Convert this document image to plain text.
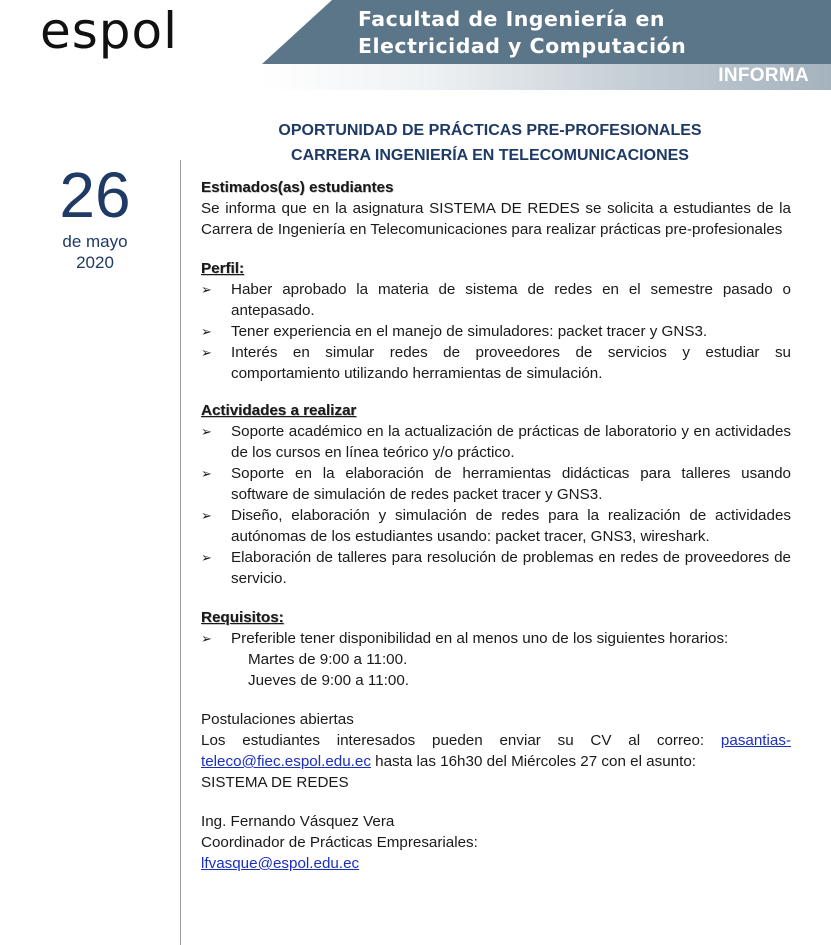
espol	Facultad de Ingeniería en
Electricidad y Computación
INFORMA
OPORTUNIDAD DE PRÁCTICAS PRE-PROFESIONALES
CARRERA INGENIERÍA EN TELECOMUNICACIONES
26
de mayo
2020

Estimados(as) estudiantes

Se informa que en la asignatura SISTEMA DE REDES se solicita a estudiantes de la Carrera de Ingeniería en Telecomunicaciones para realizar prácticas pre-profesionales

Perfil:

➢ Haber aprobado la materia de sistema de redes en el semestre pasado o antepasado.
➢ Tener experiencia en el manejo de simuladores: packet tracer y GNS3.
➢ Interés en simular redes de proveedores de servicios y estudiar su comportamiento utilizando herramientas de simulación.

Actividades a realizar

➢ Soporte académico en la actualización de prácticas de laboratorio y en actividades de los cursos en línea teórico y/o práctico.
➢ Soporte en la elaboración de herramientas didácticas para talleres usando software de simulación de redes packet tracer y GNS3.
➢ Diseño, elaboración y simulación de redes para la realización de actividades autónomas de los estudiantes usando: packet tracer, GNS3, wireshark.
➢ Elaboración de talleres para resolución de problemas en redes de proveedores de servicio.

Requisitos:

➢ Preferible tener disponibilidad en al menos uno de los siguientes horarios:

Martes de 9:00 a 11:00.

Jueves de 9:00 a 11:00.

Postulaciones abiertas

Los estudiantes interesados pueden enviar su CV al correo: pasantias-teleco@fiec.espol.edu.ec hasta las 16h30 del Miércoles 27 con el asunto:

SISTEMA DE REDES

Ing. Fernando Vásquez Vera

Coordinador de Prácticas Empresariales:

lfvasque@espol.edu.ec
